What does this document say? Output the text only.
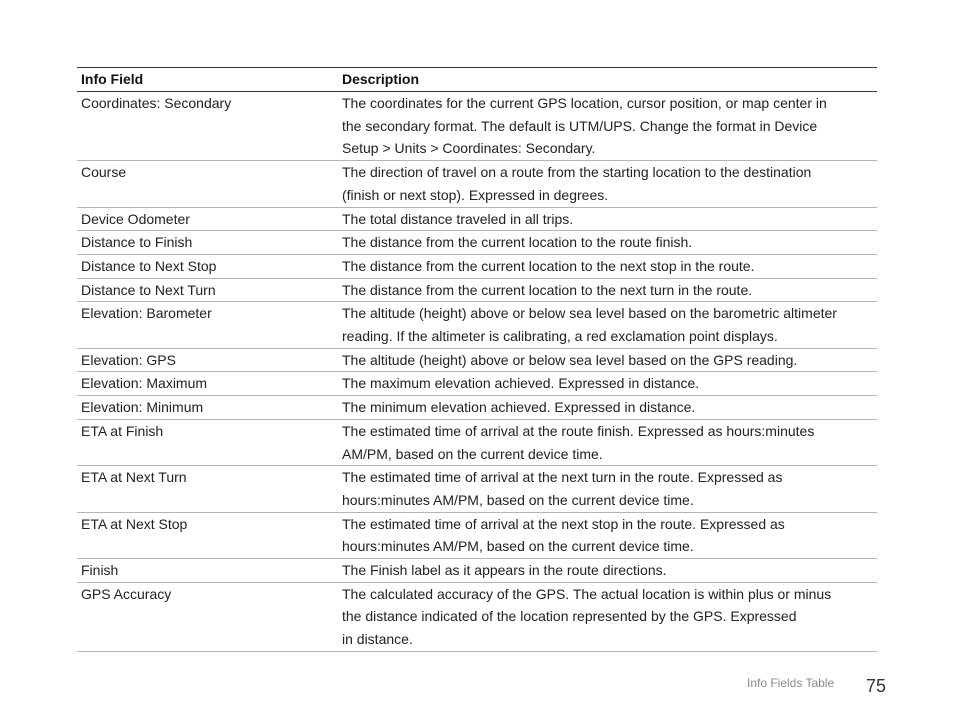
Info Field	Description
Coordinates: Secondary	The coordinates for the current GPS location, cursor position, or map center in
the secondary format. The default is UTM/UPS. Change the format in Device
Setup > Units > Coordinates: Secondary.
Course	The direction of travel on a route from the starting location to the destination
(finish or next stop). Expressed in degrees.
Device Odometer	The total distance traveled in all trips.
Distance to Finish	The distance from the current location to the route finish.
Distance to Next Stop	The distance from the current location to the next stop in the route.
Distance to Next Turn	The distance from the current location to the next turn in the route.
Elevation: Barometer	The altitude (height) above or below sea level based on the barometric altimeter
reading. If the altimeter is calibrating, a red exclamation point displays.
Elevation: GPS	The altitude (height) above or below sea level based on the GPS reading.
Elevation: Maximum	The maximum elevation achieved. Expressed in distance.
Elevation: Minimum	The minimum elevation achieved. Expressed in distance.
ETA at Finish	The estimated time of arrival at the route finish. Expressed as hours:minutes
AM/PM, based on the current device time.
ETA at Next Turn	The estimated time of arrival at the next turn in the route. Expressed as
hours:minutes AM/PM, based on the current device time.
ETA at Next Stop	The estimated time of arrival at the next stop in the route. Expressed as
hours:minutes AM/PM, based on the current device time.
Finish	The Finish label as it appears in the route directions.
GPS Accuracy	The calculated accuracy of the GPS. The actual location is within plus or minus
the distance indicated of the location represented by the GPS. Expressed
in distance.
Info Fields Table 75
